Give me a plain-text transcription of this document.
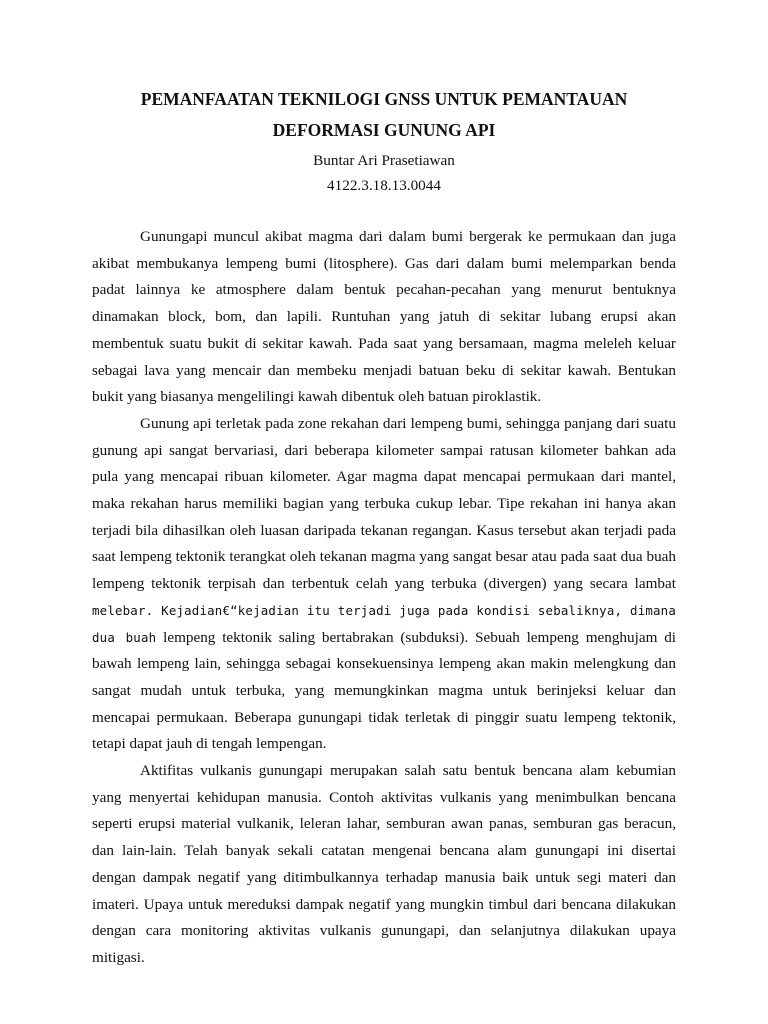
PEMANFAATAN TEKNILOGI GNSS UNTUK PEMANTAUAN
DEFORMASI GUNUNG API

Buntar Ari Prasetiawan

4122.3.18.13.0044

Gunungapi muncul akibat magma dari dalam bumi bergerak ke permukaan dan juga akibat membukanya lempeng bumi (litosphere). Gas dari dalam bumi melemparkan benda padat lainnya ke atmosphere dalam bentuk pecahan-pecahan yang menurut bentuknya dinamakan block, bom, dan lapili. Runtuhan yang jatuh di sekitar lubang erupsi akan membentuk suatu bukit di sekitar kawah. Pada saat yang bersamaan, magma meleleh keluar sebagai lava yang mencair dan membeku menjadi batuan beku di sekitar kawah. Bentukan bukit yang biasanya mengelilingi kawah dibentuk oleh batuan piroklastik.

Gunung api terletak pada zone rekahan dari lempeng bumi, sehingga panjang dari suatu gunung api sangat bervariasi, dari beberapa kilometer sampai ratusan kilometer bahkan ada pula yang mencapai ribuan kilometer. Agar magma dapat mencapai permukaan dari mantel, maka rekahan harus memiliki bagian yang terbuka cukup lebar. Tipe rekahan ini hanya akan terjadi bila dihasilkan oleh luasan daripada tekanan regangan. Kasus tersebut akan terjadi pada saat lempeng tektonik terangkat oleh tekanan magma yang sangat besar atau pada saat dua buah lempeng tektonik terpisah dan terbentuk celah yang terbuka (divergen) yang secara lambat melebar. Kejadian€“kejadian itu terjadi juga pada kondisi sebaliknya, dimana dua buah lempeng tektonik saling bertabrakan (subduksi). Sebuah lempeng menghujam di bawah lempeng lain, sehingga sebagai konsekuensinya lempeng akan makin melengkung dan sangat mudah untuk terbuka, yang memungkinkan magma untuk berinjeksi keluar dan mencapai permukaan. Beberapa gunungapi tidak terletak di pinggir suatu lempeng tektonik, tetapi dapat jauh di tengah lempengan.

Aktifitas vulkanis gunungapi merupakan salah satu bentuk bencana alam kebumian yang menyertai kehidupan manusia. Contoh aktivitas vulkanis yang menimbulkan bencana seperti erupsi material vulkanik, leleran lahar, semburan awan panas, semburan gas beracun, dan lain-lain. Telah banyak sekali catatan mengenai bencana alam gunungapi ini disertai dengan dampak negatif yang ditimbulkannya terhadap manusia baik untuk segi materi dan imateri. Upaya untuk mereduksi dampak negatif yang mungkin timbul dari bencana dilakukan dengan cara monitoring aktivitas vulkanis gunungapi, dan selanjutnya dilakukan upaya mitigasi.
